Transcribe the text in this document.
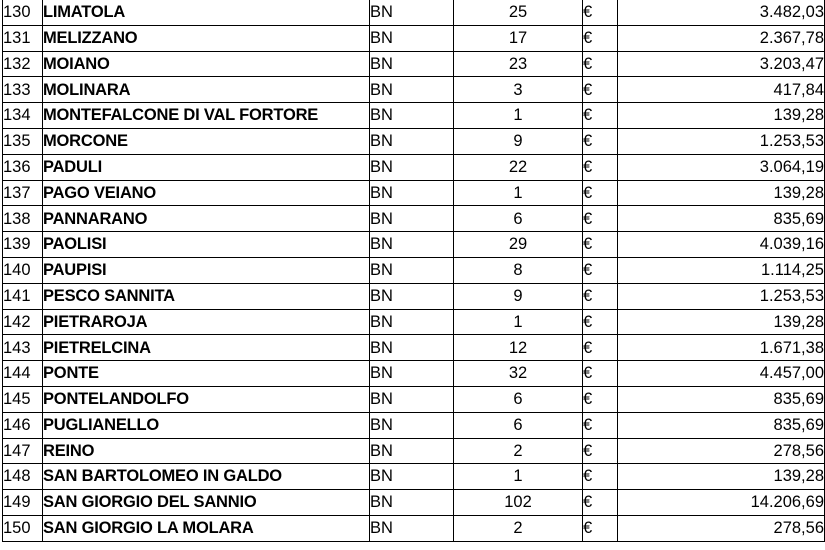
130	LIMATOLA	BN	25	€	3.482,03
131	MELIZZANO	BN	17	€	2.367,78
132	MOIANO	BN	23	€	3.203,47
133	MOLINARA	BN	3	€	417,84
134	MONTEFALCONE DI VAL FORTORE	BN	1	€	139,28
135	MORCONE	BN	9	€	1.253,53
136	PADULI	BN	22	€	3.064,19
137	PAGO VEIANO	BN	1	€	139,28
138	PANNARANO	BN	6	€	835,69
139	PAOLISI	BN	29	€	4.039,16
140	PAUPISI	BN	8	€	1.114,25
141	PESCO SANNITA	BN	9	€	1.253,53
142	PIETRAROJA	BN	1	€	139,28
143	PIETRELCINA	BN	12	€	1.671,38
144	PONTE	BN	32	€	4.457,00
145	PONTELANDOLFO	BN	6	€	835,69
146	PUGLIANELLO	BN	6	€	835,69
147	REINO	BN	2	€	278,56
148	SAN BARTOLOMEO IN GALDO	BN	1	€	139,28
149	SAN GIORGIO DEL SANNIO	BN	102	€	14.206,69
150	SAN GIORGIO LA MOLARA	BN	2	€	278,56
